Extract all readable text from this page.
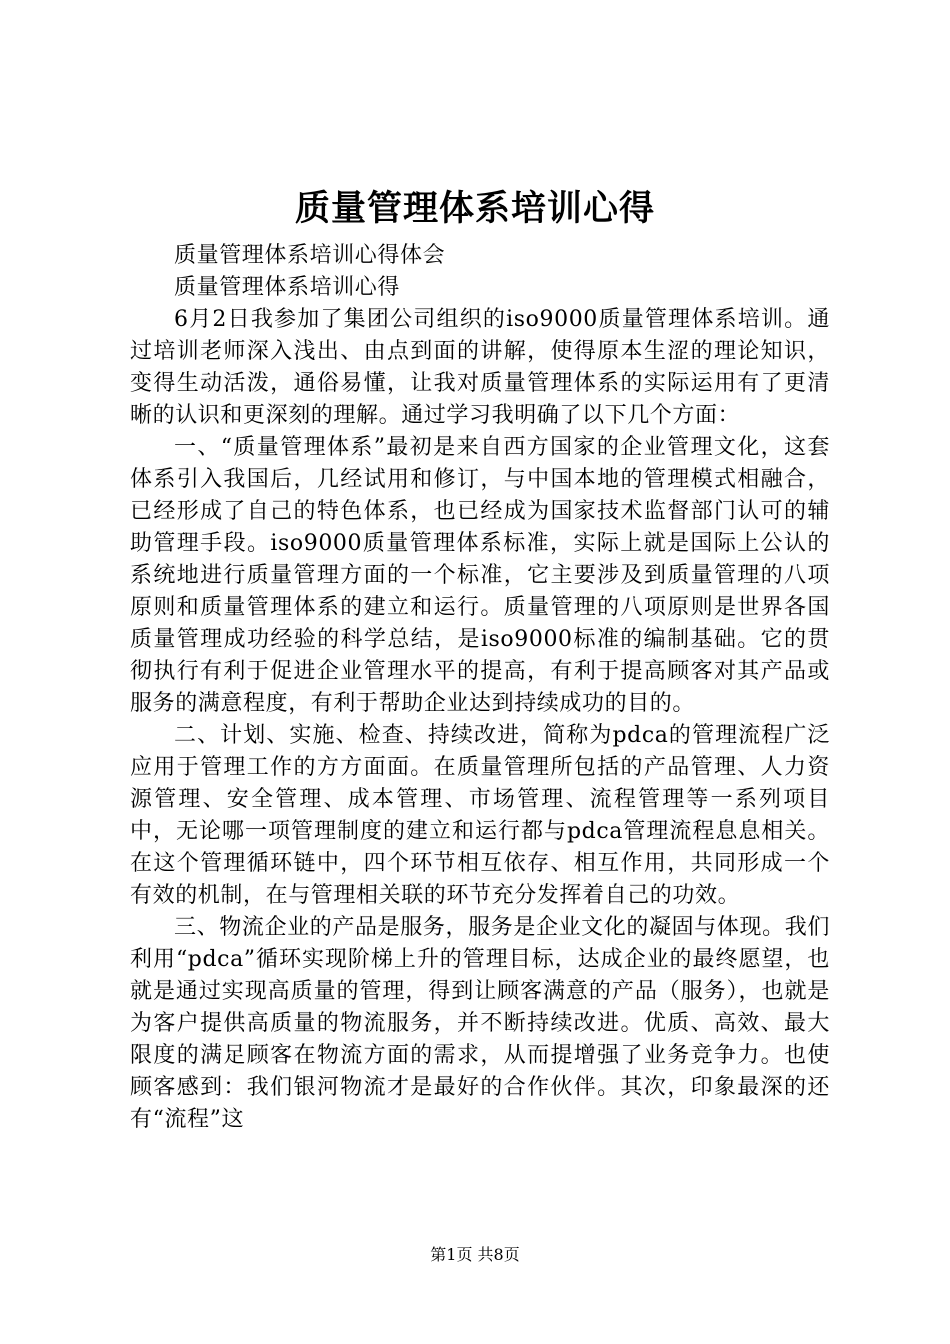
质量管理体系培训心得

质量管理体系培训心得体会

质量管理体系培训心得

6月2日我参加了集团公司组织的iso9000质量管理体系培训。通过培训老师深入浅出、由点到面的讲解，使得原本生涩的理论知识，变得生动活泼，通俗易懂，让我对质量管理体系的实际运用有了更清晰的认识和更深刻的理解。通过学习我明确了以下几个方面：

一、“质量管理体系”最初是来自西方国家的企业管理文化，这套体系引入我国后，几经试用和修订，与中国本地的管理模式相融合，已经形成了自己的特色体系，也已经成为国家技术监督部门认可的辅助管理手段。iso9000质量管理体系标准，实际上就是国际上公认的系统地进行质量管理方面的一个标准，它主要涉及到质量管理的八项原则和质量管理体系的建立和运行。质量管理的八项原则是世界各国质量管理成功经验的科学总结，是iso9000标准的编制基础。它的贯彻执行有利于促进企业管理水平的提高，有利于提高顾客对其产品或服务的满意程度，有利于帮助企业达到持续成功的目的。

二、计划、实施、检查、持续改进，简称为pdca的管理流程广泛应用于管理工作的方方面面。在质量管理所包括的产品管理、人力资源管理、安全管理、成本管理、市场管理、流程管理等一系列项目中，无论哪一项管理制度的建立和运行都与pdca管理流程息息相关。在这个管理循环链中，四个环节相互依存、相互作用，共同形成一个有效的机制，在与管理相关联的环节充分发挥着自己的功效。

三、物流企业的产品是服务，服务是企业文化的凝固与体现。我们利用“pdca”循环实现阶梯上升的管理目标，达成企业的最终愿望，也就是通过实现高质量的管理，得到让顾客满意的产品（服务），也就是为客户提供高质量的物流服务，并不断持续改进。优质、高效、最大限度的满足顾客在物流方面的需求，从而提增强了业务竞争力。也使顾客感到：我们银河物流才是最好的合作伙伴。其次，印象最深的还有“流程”这

第1页 共8页
